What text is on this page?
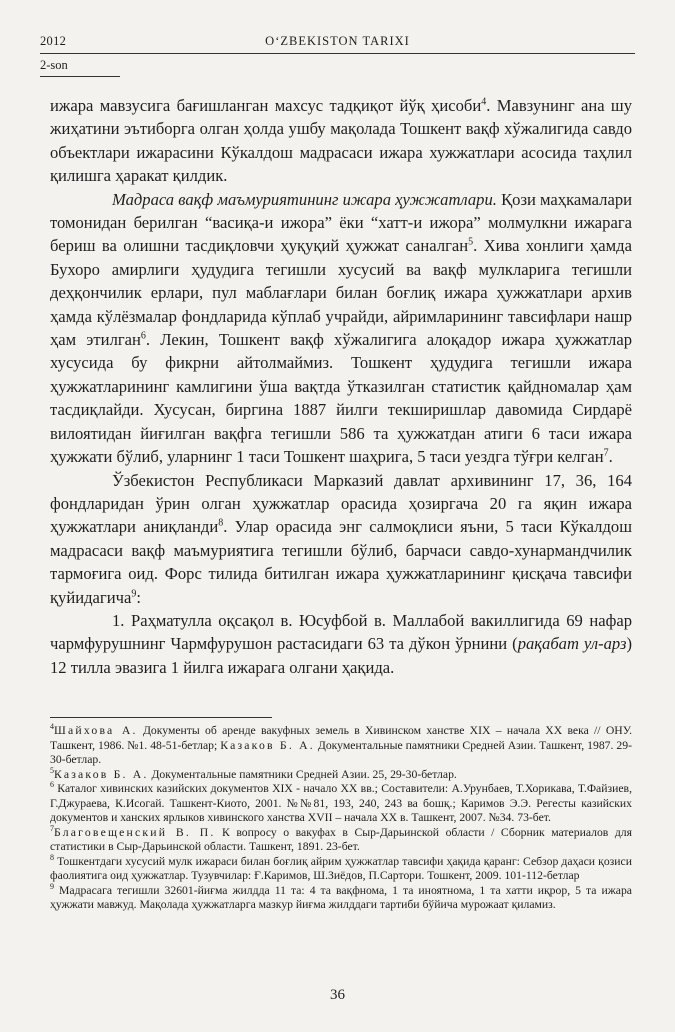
2012	O‘ZBEKISTON TARIXI
2-son

ижара мавзусига бағишланган махсус тадқиқот йўқ ҳисоби$^4$. Мавзунинг ана шу жиҳатини эътиборга олган ҳолда ушбу мақолада Тошкент вақф хўжалигида савдо объектлари ижарасини Кўкалдош мадрасаси ижара хужжатлари асосида таҳлил қилишга ҳаракат қилдик.

Мадраса вақф маъмуриятининг ижара ҳужжатлари. Қози маҳкамалари томонидан берилган “васиқа-и ижора” ёки “хатт-и ижора” молмулкни ижарага бериш ва олишни тасдиқловчи ҳуқуқий ҳужжат саналган$^5$. Хива хонлиги ҳамда Бухоро амирлиги ҳудудига тегишли хусусий ва вақф мулкларига тегишли деҳқончилик ерлари, пул маблағлари билан боғлиқ ижара ҳужжатлари архив ҳамда кўлёзмалар фондларида кўплаб учрайди, айримларининг тавсифлари нашр ҳам этилган$^6$. Лекин, Тошкент вақф хўжалигига алоқадор ижара ҳужжатлар хусусида бу фикрни айтолмаймиз. Тошкент ҳудудига тегишли ижара ҳужжатларининг камлигини ўша вақтда ўтказилган статистик қайдномалар ҳам тасдиқлайди. Хусусан, биргина 1887 йилги текширишлар давомида Сирдарё вилоятидан йиғилган вақфга тегишли 586 та ҳужжатдан атиги 6 таси ижара ҳужжати бўлиб, уларнинг 1 таси Тошкент шаҳрига, 5 таси уездга тўғри келган$^7$.

Ўзбекистон Республикаси Марказий давлат архивининг 17, 36, 164 фондларидан ўрин олган ҳужжатлар орасида ҳозиргача 20 га яқин ижара ҳужжатлари аниқланди$^8$. Улар орасида энг салмоқлиси яъни, 5 таси Кўкалдош мадрасаси вақф маъмуриятига тегишли бўлиб, барчаси савдо-хунармандчилик тармоғига оид. Форс тилида битилган ижара ҳужжатларининг қисқача тавсифи қуйидагича$^9$:

1. Раҳматулла оқсақол в. Юсуфбой в. Маллабой вакиллигида 69 нафар чармфурушнинг Чармфурушон растасидаги 63 та дўкон ўрнини (рақабат ул-арз) 12 тилла эвазига 1 йилга ижарага олгани ҳақида.

$^4$Шайхова А. Документы об аренде вакуфных земель в Хивинском ханстве XIX – начала XX века // ОНУ. Ташкент, 1986. №1. 48-51-бетлар; Казаков Б. А. Документальные памятники Средней Азии. Ташкент, 1987. 29-30-бетлар.

$^5$Казаков Б. А. Документальные памятники Средней Азии. 25, 29-30-бетлар.

$^6$ Каталог хивинских казийских документов XIX - начало XX вв.; Составители: А.Урунбаев, Т.Хорикава, Т.Файзиев, Г.Джураева, К.Исогай. Ташкент-Киото, 2001. №№81, 193, 240, 243 ва бошқ.; Каримов Э.Э. Регесты казийских документов и ханских ярлыков хивинского ханства XVII – начала XX в. Ташкент, 2007. №34. 73-бет.

$^7$Благовещенский В. П. К вопросу о вакуфах в Сыр-Дарьинской области / Сборник материалов для статистики в Сыр-Дарьинской области. Ташкент, 1891. 23-бет.

$^8$ Тошкентдаги хусусий мулк ижараси билан боғлиқ айрим ҳужжатлар тавсифи ҳақида қаранг: Себзор даҳаси қозиси фаолиятига оид ҳужжатлар. Тузувчилар: Ғ.Каримов, Ш.Зиёдов, П.Сартори. Тошкент, 2009. 101-112-бетлар

$^9$ Мадрасага тегишли 32601-йиғма жилдда 11 та: 4 та вақфнома, 1 та иноятнома, 1 та хатти иқрор, 5 та ижара ҳужжати мавжуд. Мақолада ҳужжатларга мазкур йиғма жилддаги тартиби бўйича мурожаат қиламиз.

36
